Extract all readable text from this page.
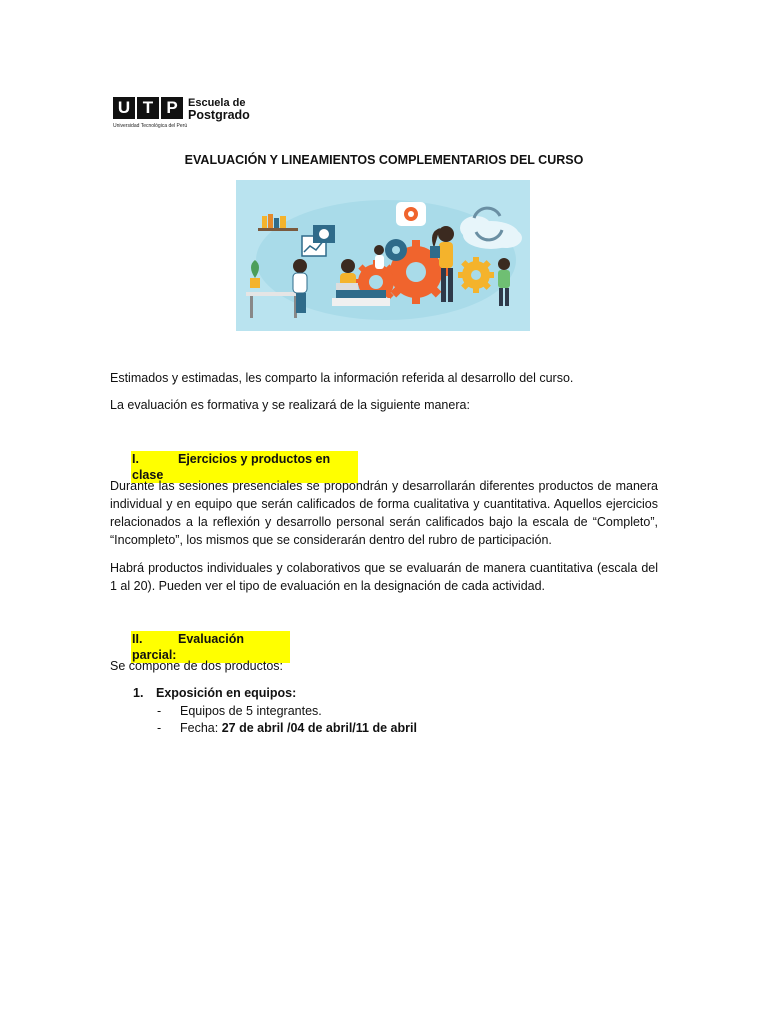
U T P Escuela de
Postgrado
Universidad Tecnológica del Perú
EVALUACIÓN Y LINEAMIENTOS COMPLEMENTARIOS DEL CURSO
Estimados y estimadas, les comparto la información referida al desarrollo del curso.
La evaluación es formativa y se realizará de la siguiente manera:
I.	Ejercicios y productos en clase
Durante las sesiones presenciales se propondrán y desarrollarán diferentes productos de manera individual y en equipo que serán calificados de forma cualitativa y cuantitativa. Aquellos ejercicios relacionados a la reflexión y desarrollo personal serán calificados bajo la escala de “Completo”, “Incompleto”, los mismos que se considerarán dentro del rubro de participación.
Habrá productos individuales y colaborativos que se evaluarán de manera cuantitativa (escala del 1 al 20). Pueden ver el tipo de evaluación en la designación de cada actividad.
II.	Evaluación parcial:
Se compone de dos productos:
1. Exposición en equipos:
- Equipos de 5 integrantes.
- Fecha: 27 de abril /04 de abril/11 de abril
